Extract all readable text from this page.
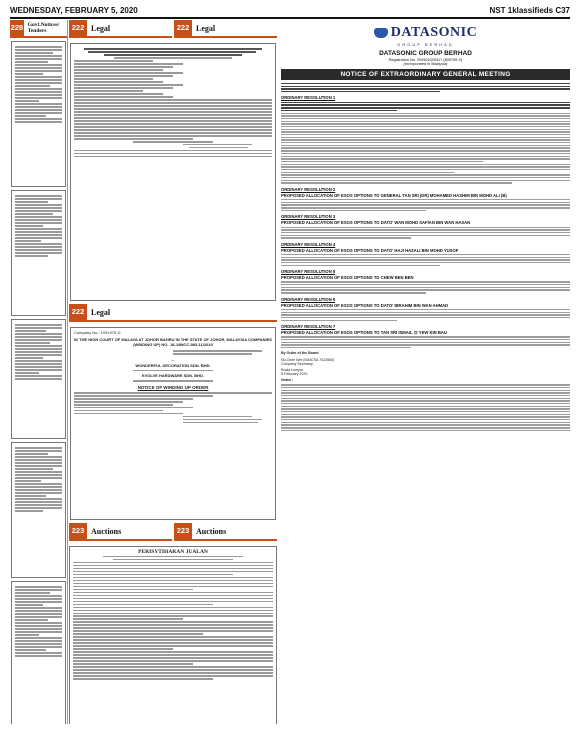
WEDNESDAY, FEBRUARY 5, 2020	NST 1klassifieds C37
228 Govt.Notices/ Tenders	222 Legal	222 Legal
222 Legal
Company No.: 1091975-D
IN THE HIGH COURT OF MALAYA AT JOHOR BAHRU IN THE STATE OF JOHOR, MALAYSIA COMPANIES (WINDING UP) NO. JA-28NCC-983-11/2019
—
WONDERFUL DECORATION SDN. BHD.
EVOLVE HARDWARE SDN. BHD.
NOTICE OF WINDING UP ORDER
223 Auctions	223 Auctions
PERISYTIHARAN JUALAN
DATASONIC
GROUP BERHAD
DATASONIC GROUP BERHAD
Registration No. 200901000417 (809759-X)
(Incorporated in Malaysia)
NOTICE OF EXTRAORDINARY GENERAL MEETING
ORDINARY RESOLUTION 1
ORDINARY RESOLUTION 2
PROPOSED ALLOCATION OF ESOS OPTIONS TO GENERAL TAN SRI (DR) MOHAMED HASHIM BIN MOHD ALI (B)
ORDINARY RESOLUTION 3
PROPOSED ALLOCATION OF ESOS OPTIONS TO DATO' WAN MOHD SAFIAN BIN WAN HASAN
ORDINARY RESOLUTION 4
PROPOSED ALLOCATION OF ESOS OPTIONS TO DATO' HAJI HAZALI BIN MOHD YUSOF
ORDINARY RESOLUTION 5
PROPOSED ALLOCATION OF ESOS OPTIONS TO CHEW BEN BEN
ORDINARY RESOLUTION 6
PROPOSED ALLOCATION OF ESOS OPTIONS TO DATO' IBRAHIM BIN WAN AHMAD
ORDINARY RESOLUTION 7
PROPOSED ALLOCATION OF ESOS OPTIONS TO TAN SRI ISMAIL @ YEW KIN BAU
By Order of the Board
Nu Chee Wei (MAICSA 7022660)
Company Secretary
Kuala Lumpur
5 February 2020
Notes :
